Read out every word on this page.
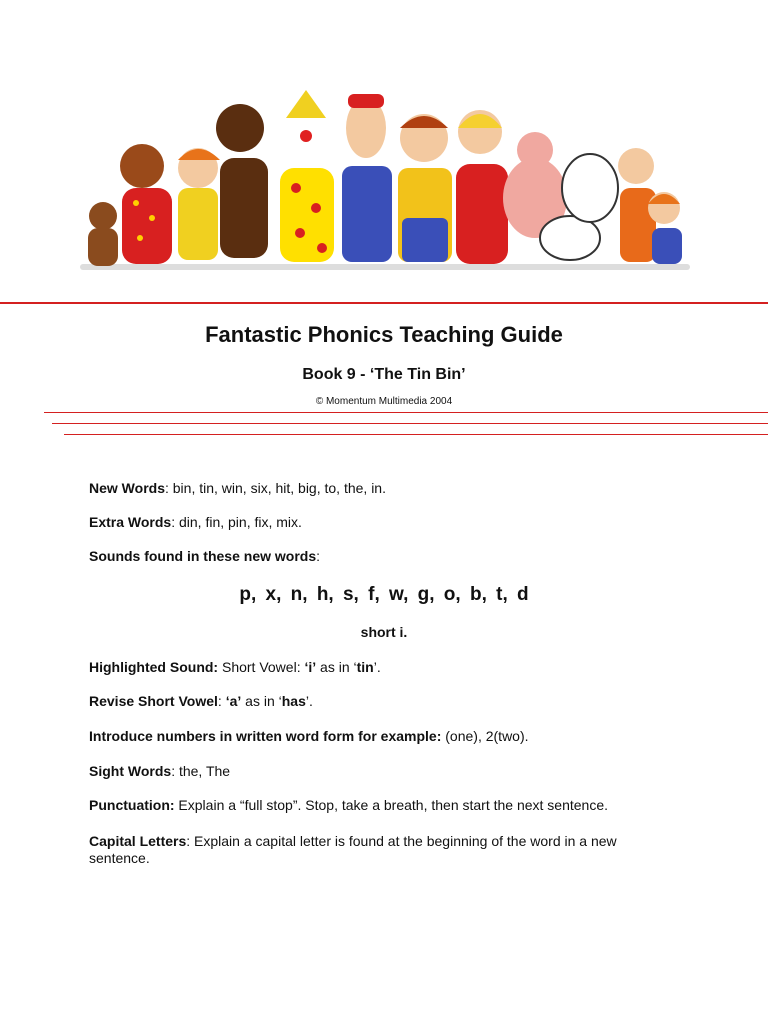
Fantastic Phonics Teaching Guide
Book 9 - ‘The Tin Bin’
© Momentum Multimedia 2004
New Words: bin, tin, win, six, hit, big, to, the, in.
Extra Words: din, fin, pin, fix, mix.
Sounds found in these new words:
p, x, n, h, s, f, w, g, o, b, t, d
short i.
Highlighted Sound: Short Vowel: ‘i’ as in ‘tin’.
Revise Short Vowel: ‘a’ as in ‘has’.
Introduce numbers in written word form for example: (one), 2(two).
Sight Words: the, The
Punctuation: Explain a “full stop”. Stop, take a breath, then start the next sentence.
Capital Letters: Explain a capital letter is found at the beginning of the word in a new sentence.
